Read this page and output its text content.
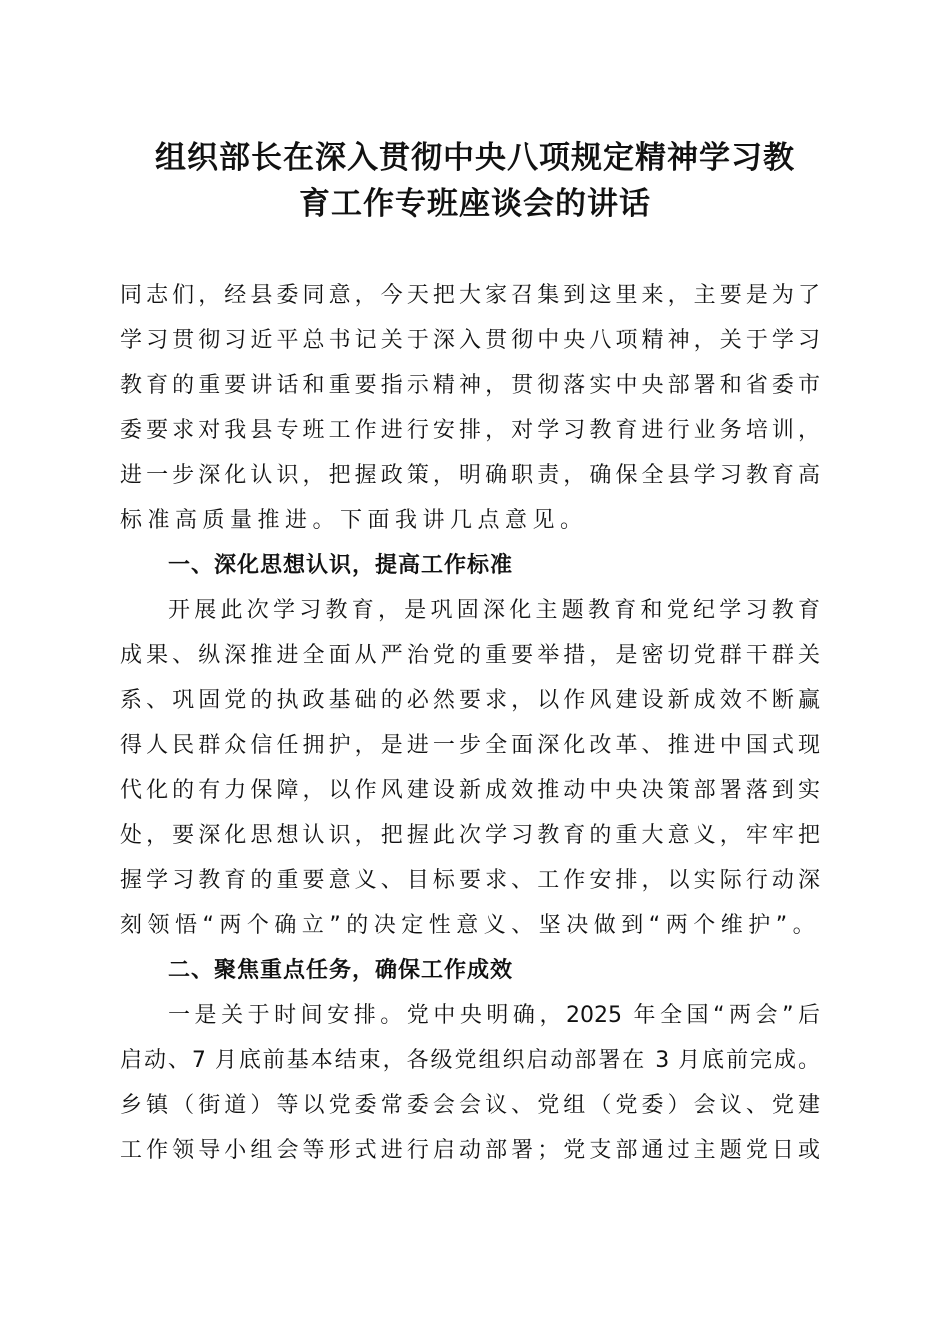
组织部长在深入贯彻中央八项规定精神学习教
育工作专班座谈会的讲话
同志们，经县委同意，今天把大家召集到这里来，主要是为了
学习贯彻习近平总书记关于深入贯彻中央八项精神，关于学习
教育的重要讲话和重要指示精神，贯彻落实中央部署和省委市
委要求对我县专班工作进行安排，对学习教育进行业务培训，
进一步深化认识，把握政策，明确职责，确保全县学习教育高
标准高质量推进。下面我讲几点意见。
一、深化思想认识，提高工作标准
开展此次学习教育，是巩固深化主题教育和党纪学习教育
成果、纵深推进全面从严治党的重要举措，是密切党群干群关
系、巩固党的执政基础的必然要求，以作风建设新成效不断赢
得人民群众信任拥护，是进一步全面深化改革、推进中国式现
代化的有力保障，以作风建设新成效推动中央决策部署落到实
处，要深化思想认识，把握此次学习教育的重大意义，牢牢把
握学习教育的重要意义、目标要求、工作安排，以实际行动深
刻领悟“两个确立”的决定性意义、坚决做到“两个维护”。
二、聚焦重点任务，确保工作成效
一是关于时间安排。党中央明确，2025 年全国“两会”后
启动、7 月底前基本结束，各级党组织启动部署在 3 月底前完成。
乡镇（街道）等以党委常委会会议、党组（党委）会议、党建
工作领导小组会等形式进行启动部署；党支部通过主题党日或
